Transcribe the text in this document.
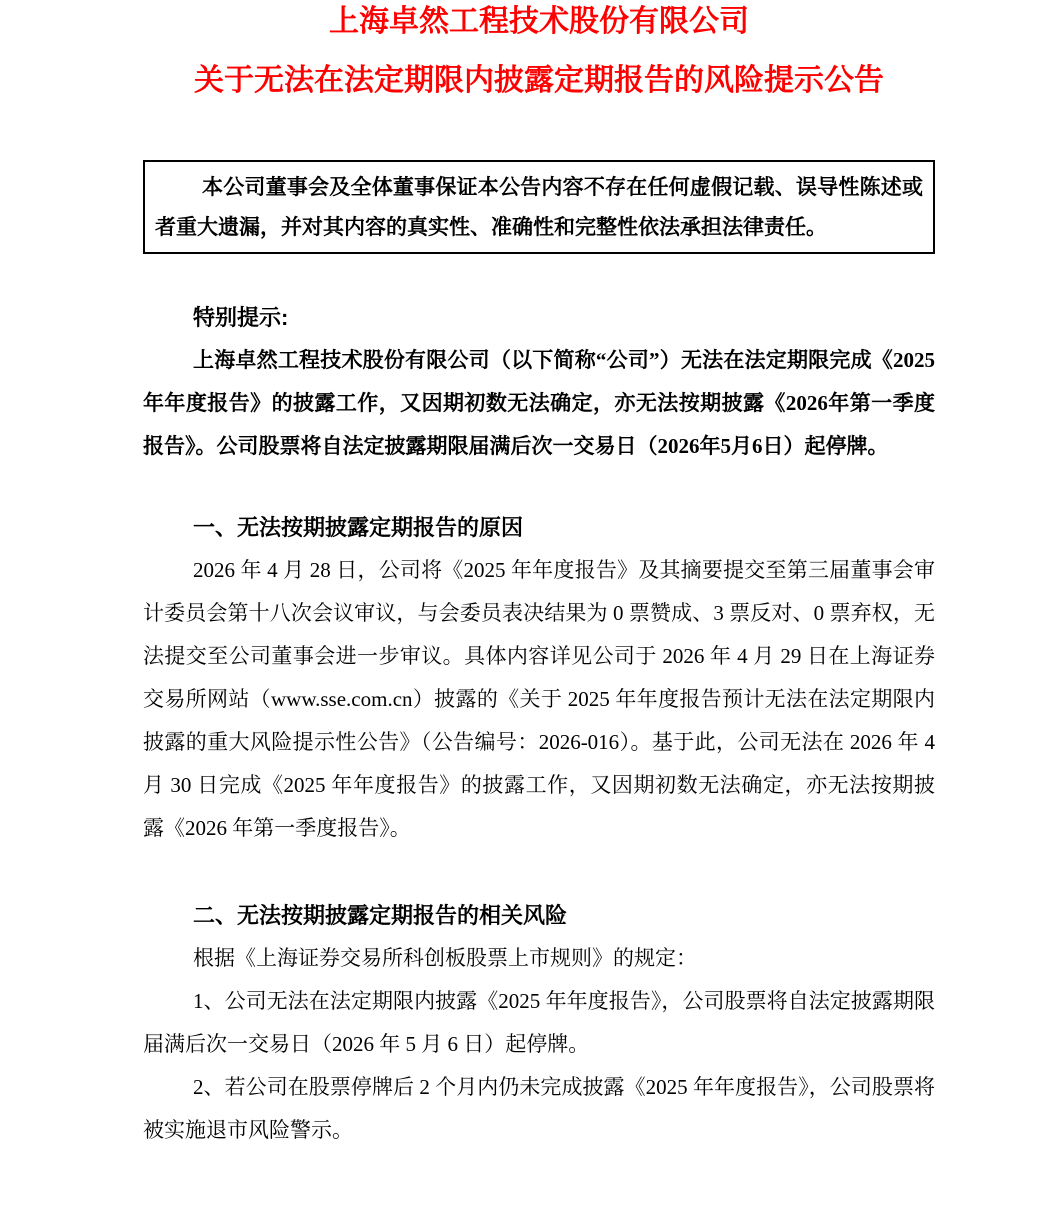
上海卓然工程技术股份有限公司

关于无法在法定期限内披露定期报告的风险提示公告

本公司董事会及全体董事保证本公告内容不存在任何虚假记载、误导性陈述或者重大遗漏，并对其内容的真实性、准确性和完整性依法承担法律责任。

特别提示:

上海卓然工程技术股份有限公司（以下简称“公司”）无法在法定期限完成《2025年年度报告》的披露工作，又因期初数无法确定，亦无法按期披露《2026年第一季度报告》。公司股票将自法定披露期限届满后次一交易日（2026年5月6日）起停牌。

一、无法按期披露定期报告的原因

2026 年 4 月 28 日，公司将《2025 年年度报告》及其摘要提交至第三届董事会审计委员会第十八次会议审议，与会委员表决结果为 0 票赞成、3 票反对、0 票弃权，无法提交至公司董事会进一步审议。具体内容详见公司于 2026 年 4 月 29 日在上海证券交易所网站（www.sse.com.cn）披露的《关于 2025 年年度报告预计无法在法定期限内披露的重大风险提示性公告》（公告编号：2026-016）。基于此，公司无法在 2026 年 4 月 30 日完成《2025 年年度报告》的披露工作，又因期初数无法确定，亦无法按期披露《2026 年第一季度报告》。

二、无法按期披露定期报告的相关风险

根据《上海证券交易所科创板股票上市规则》的规定：

1、公司无法在法定期限内披露《2025 年年度报告》，公司股票将自法定披露期限届满后次一交易日（2026 年 5 月 6 日）起停牌。

2、若公司在股票停牌后 2 个月内仍未完成披露《2025 年年度报告》，公司股票将被实施退市风险警示。
